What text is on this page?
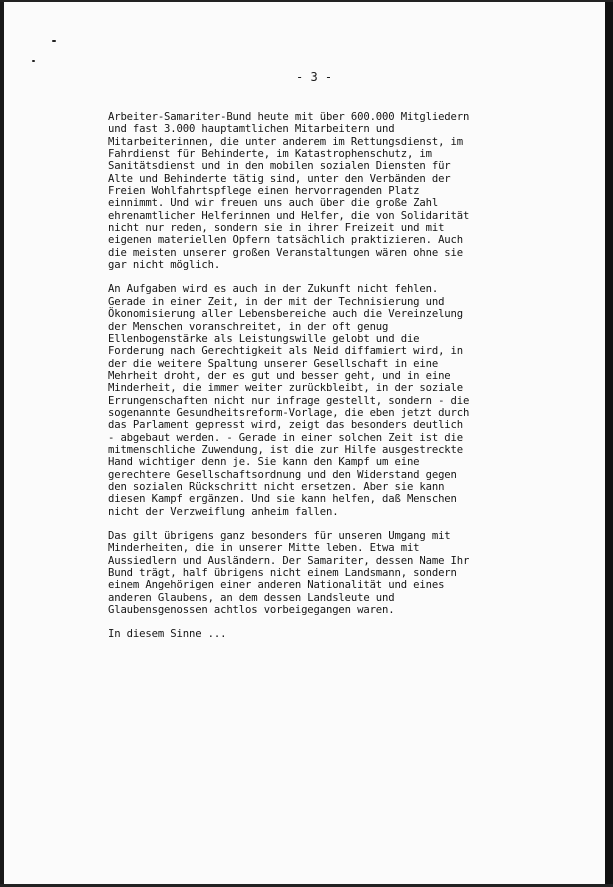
- 3 -
Arbeiter-Samariter-Bund heute mit über 600.000 Mitgliedern
und fast 3.000 hauptamtlichen Mitarbeitern und
Mitarbeiterinnen, die unter anderem im Rettungsdienst, im
Fahrdienst für Behinderte, im Katastrophenschutz, im
Sanitätsdienst und in den mobilen sozialen Diensten für
Alte und Behinderte tätig sind, unter den Verbänden der
Freien Wohlfahrtspflege einen hervorragenden Platz
einnimmt. Und wir freuen uns auch über die große Zahl
ehrenamtlicher Helferinnen und Helfer, die von Solidarität
nicht nur reden, sondern sie in ihrer Freizeit und mit
eigenen materiellen Opfern tatsächlich praktizieren. Auch
die meisten unserer großen Veranstaltungen wären ohne sie
gar nicht möglich.
An Aufgaben wird es auch in der Zukunft nicht fehlen.
Gerade in einer Zeit, in der mit der Technisierung und
Ökonomisierung aller Lebensbereiche auch die Vereinzelung
der Menschen voranschreitet, in der oft genug
Ellenbogenstärke als Leistungswille gelobt und die
Forderung nach Gerechtigkeit als Neid diffamiert wird, in
der die weitere Spaltung unserer Gesellschaft in eine
Mehrheit droht, der es gut und besser geht, und in eine
Minderheit, die immer weiter zurückbleibt, in der soziale
Errungenschaften nicht nur infrage gestellt, sondern - die
sogenannte Gesundheitsreform-Vorlage, die eben jetzt durch
das Parlament gepresst wird, zeigt das besonders deutlich
- abgebaut werden. - Gerade in einer solchen Zeit ist die
mitmenschliche Zuwendung, ist die zur Hilfe ausgestreckte
Hand wichtiger denn je. Sie kann den Kampf um eine
gerechtere Gesellschaftsordnung und den Widerstand gegen
den sozialen Rückschritt nicht ersetzen. Aber sie kann
diesen Kampf ergänzen. Und sie kann helfen, daß Menschen
nicht der Verzweiflung anheim fallen.
Das gilt übrigens ganz besonders für unseren Umgang mit
Minderheiten, die in unserer Mitte leben. Etwa mit
Aussiedlern und Ausländern. Der Samariter, dessen Name Ihr
Bund trägt, half übrigens nicht einem Landsmann, sondern
einem Angehörigen einer anderen Nationalität und eines
anderen Glaubens, an dem dessen Landsleute und
Glaubensgenossen achtlos vorbeigegangen waren.
In diesem Sinne ...
